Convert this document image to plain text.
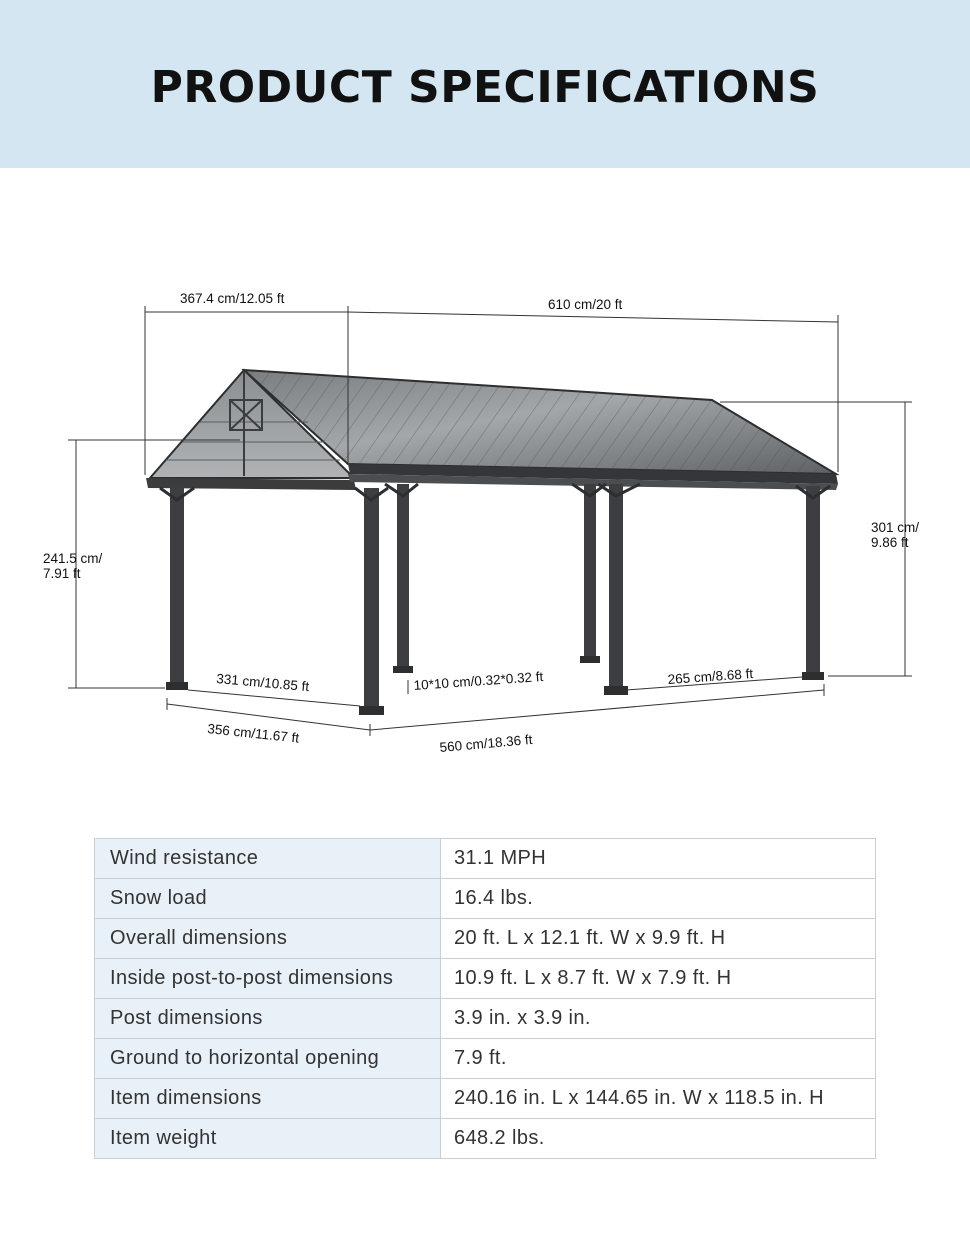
PRODUCT SPECIFICATIONS
367.4 cm/12.05 ft	610 cm/20 ft
241.5 cm/
7.91 ft
301 cm/
9.86 ft
331 cm/10.85 ft	10*10 cm/0.32*0.32 ft	265 cm/8.68 ft
356 cm/11.67 ft	560 cm/18.36 ft
Wind resistance	31.1 MPH
Snow load	16.4 lbs.
Overall dimensions	20 ft. L x 12.1 ft. W x 9.9 ft. H
Inside post-to-post dimensions	10.9 ft. L x 8.7 ft. W x 7.9 ft. H
Post dimensions	3.9 in. x 3.9 in.
Ground to horizontal opening	7.9 ft.
Item dimensions	240.16 in. L x 144.65 in. W x 118.5 in. H
Item weight	648.2 lbs.
